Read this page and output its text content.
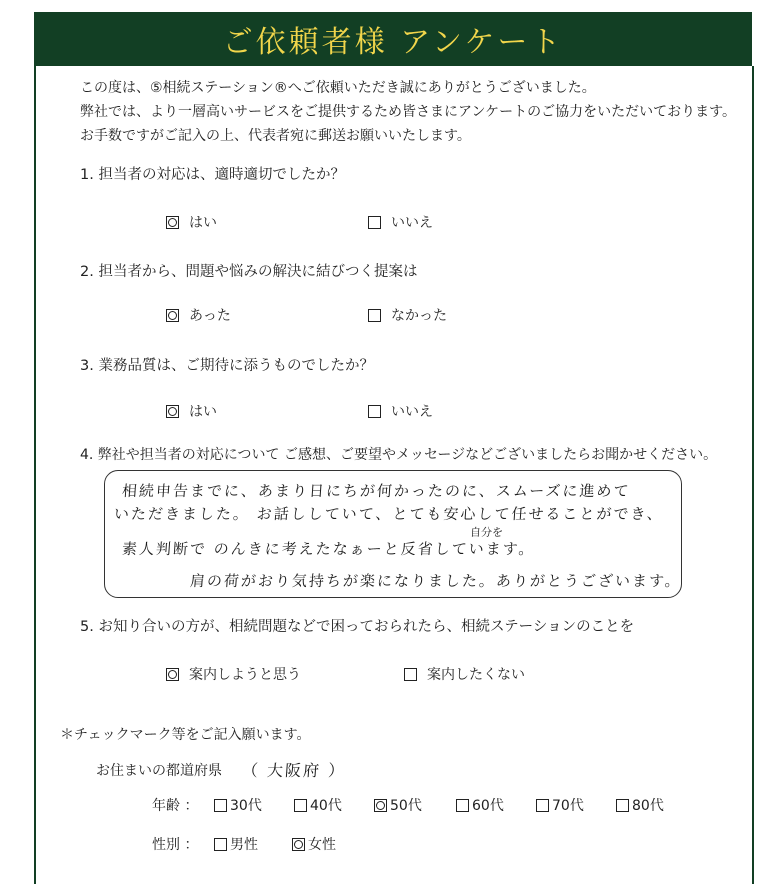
ご依頼者様 アンケート
この度は、⑤相続ステーション®へご依頼いただき誠にありがとうございました。
弊社では、より一層高いサービスをご提供するため皆さまにアンケートのご協力をいただいております。
お手数ですがご記入の上、代表者宛に郵送お願いいたします。
1. 担当者の対応は、適時適切でしたか？
はい	いいえ
2. 担当者から、問題や悩みの解決に結びつく提案は
あった	なかった
3. 業務品質は、ご期待に添うものでしたか？
はい	いいえ
4. 弊社や担当者の対応について ご感想、ご要望やメッセージなどございましたらお聞かせください。
相続申告までに、あまり日にちが何かったのに、スムーズに進めて
いただきました。 お話ししていて、とても安心して任せることができ、
自分を
素人判断で のんきに考えたなぁーと反省しています。
肩の荷がおり気持ちが楽になりました。ありがとうございます。
5. お知り合いの方が、相続問題などで困っておられたら、相続ステーションのことを
案内しようと思う	案内したくない
＊チェックマーク等をご記入願います。
お住まいの都道府県 （ 大阪府 ）
年齢 ： 30代	40代	50代	60代	70代	80代
性別 ： 男性	女性
